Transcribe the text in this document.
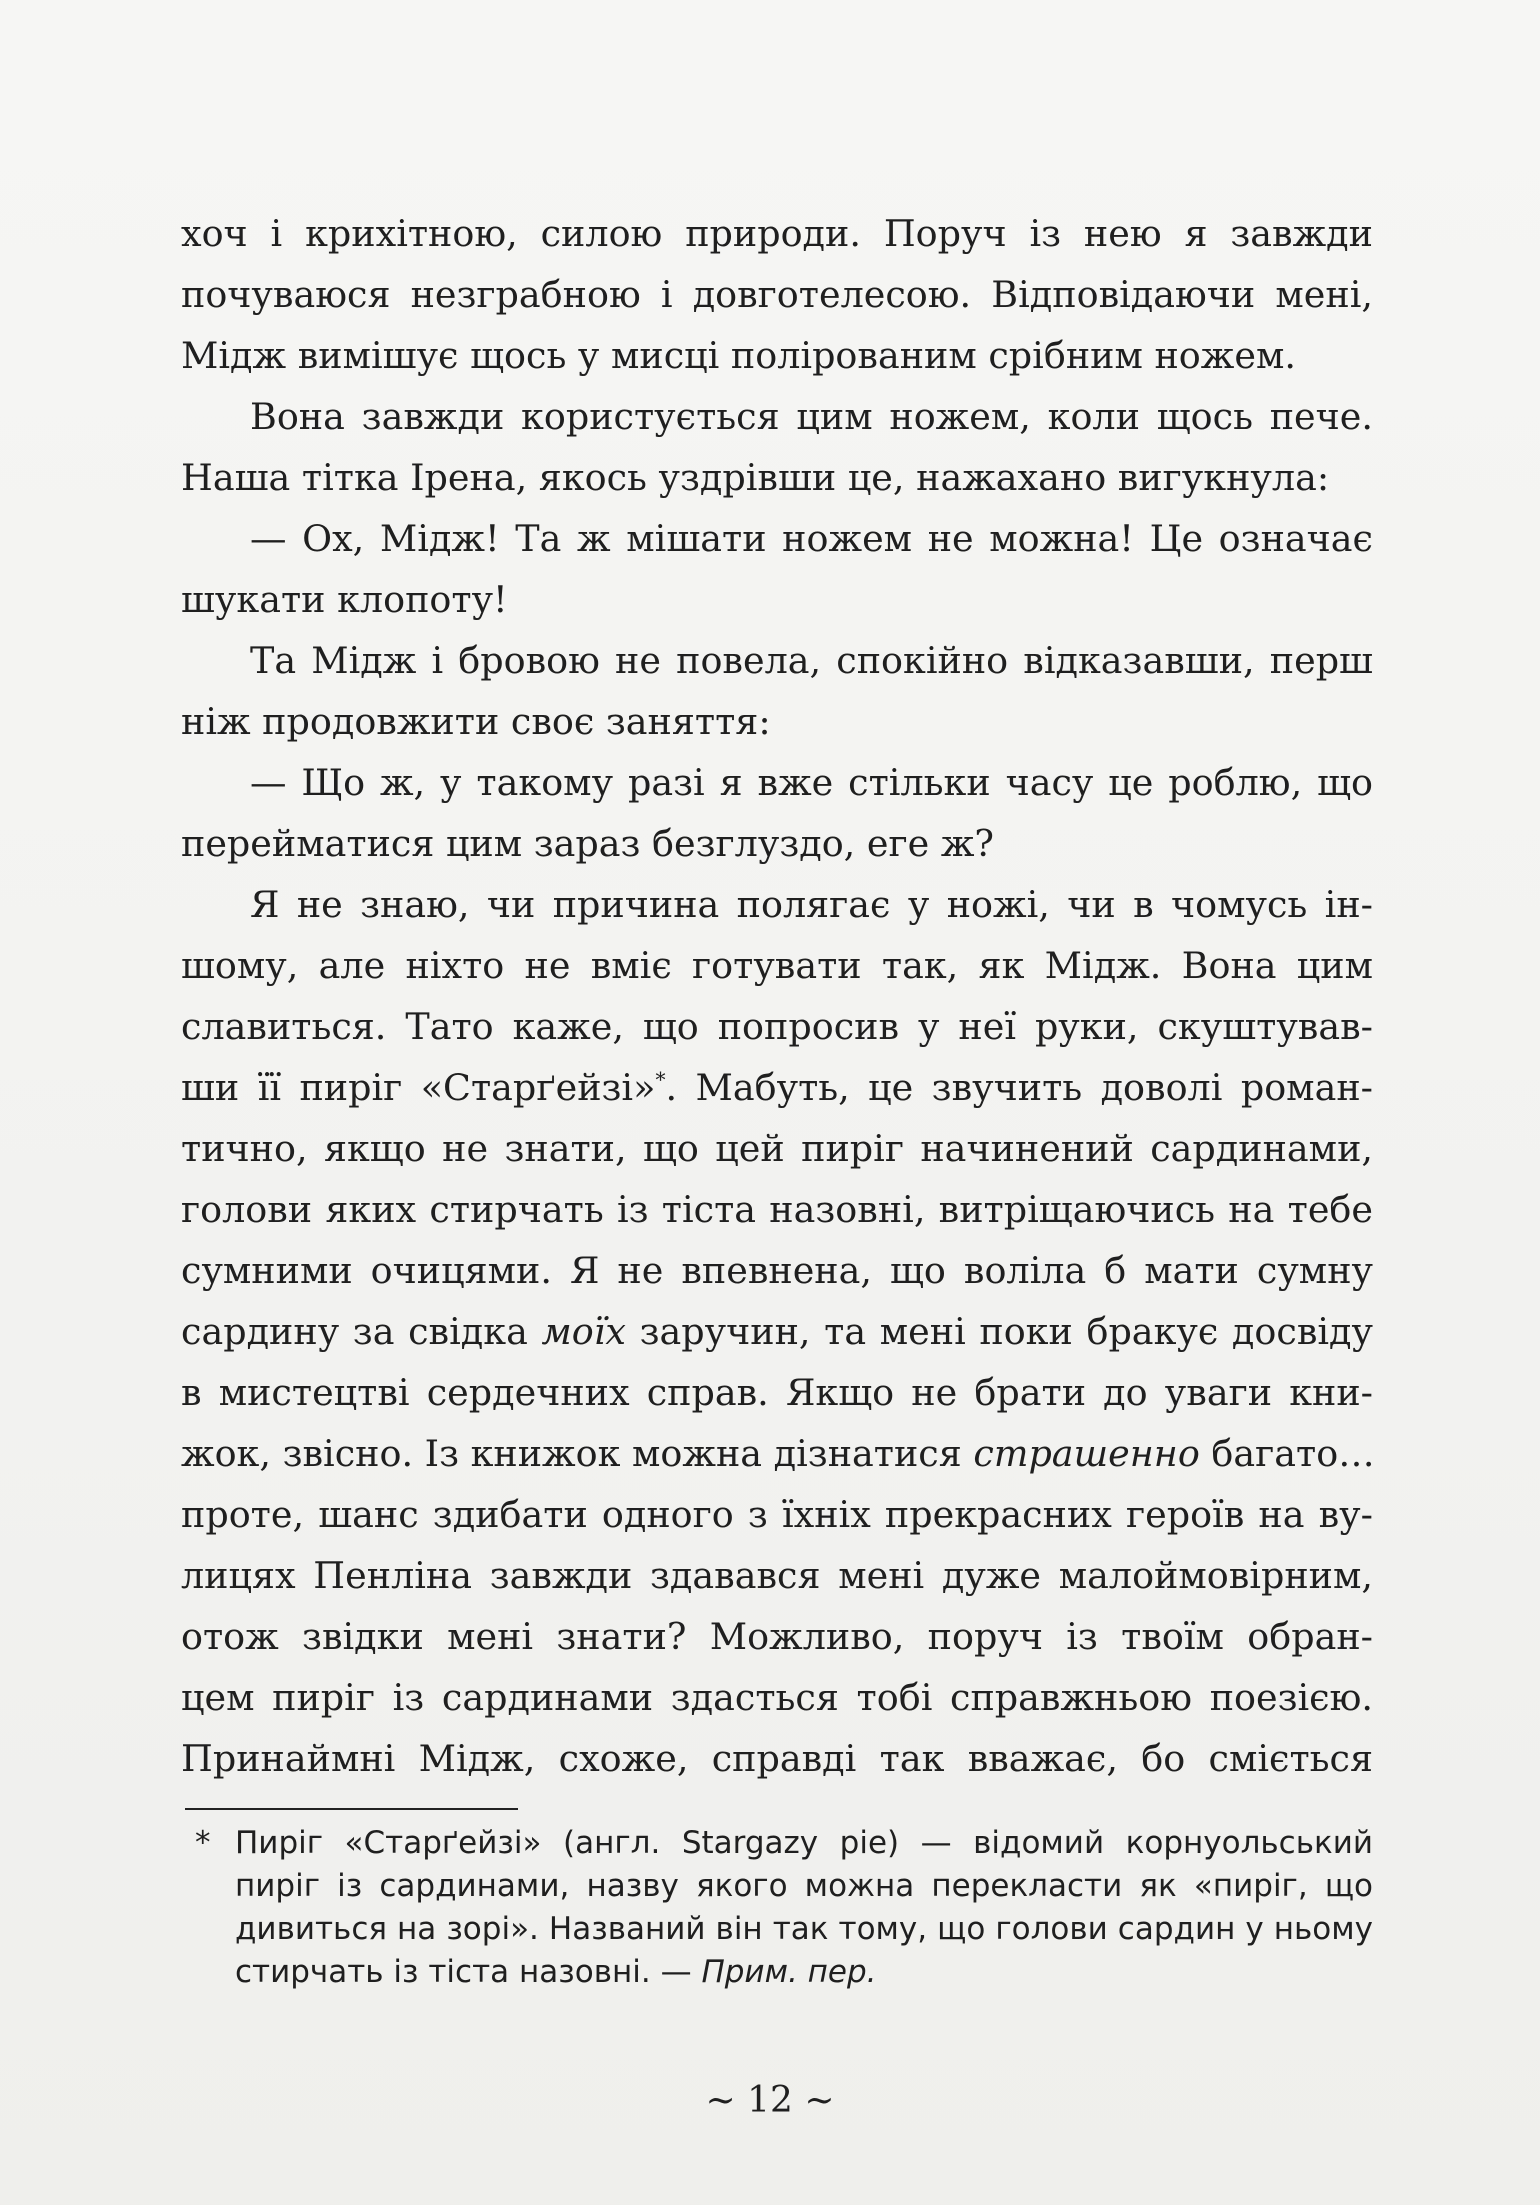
хоч і крихітною, силою природи. Поруч із нею я завжди
почуваюся незграбною і довготелесою. Відповідаючи мені,
Мідж вимішує щось у мисці полірованим срібним ножем.
Вона завжди користується цим ножем, коли щось пече.
Наша тітка Ірена, якось уздрівши це, нажахано вигукнула:
— Ох, Мідж! Та ж мішати ножем не можна! Це означає
шукати клопоту!
Та Мідж і бровою не повела, спокійно відказавши, перш
ніж продовжити своє заняття:
— Що ж, у такому разі я вже стільки часу це роблю, що
перейматися цим зараз безглуздо, еге ж?
Я не знаю, чи причина полягає у ножі, чи в чомусь ін-
шому, але ніхто не вміє готувати так, як Мідж. Вона цим
славиться. Тато каже, що попросив у неї руки, скуштував-
ши її пиріг «Старґейзі»*. Мабуть, це звучить доволі роман-
тично, якщо не знати, що цей пиріг начинений сардинами,
голови яких стирчать із тіста назовні, витріщаючись на тебе
сумними очицями. Я не впевнена, що воліла б мати сумну
сардину за свідка моїх заручин, та мені поки бракує досвіду
в мистецтві сердечних справ. Якщо не брати до уваги кни-
жок, звісно. Із книжок можна дізнатися страшенно багато…
проте, шанс здибати одного з їхніх прекрасних героїв на ву-
лицях Пенліна завжди здавався мені дуже малоймовірним,
отож звідки мені знати? Можливо, поруч із твоїм обран-
цем пиріг із сардинами здасться тобі справжньою поезією.
Принаймні Мідж, схоже, справді так вважає, бо сміється
* Пиріг «Старґейзі» (англ. Stargazy pie) — відомий корнуольський
пиріг із сардинами, назву якого можна перекласти як «пиріг, що
дивиться на зорі». Названий він так тому, що голови сардин у ньому
стирчать із тіста назовні. — Прим. пер.
~ 12 ~
